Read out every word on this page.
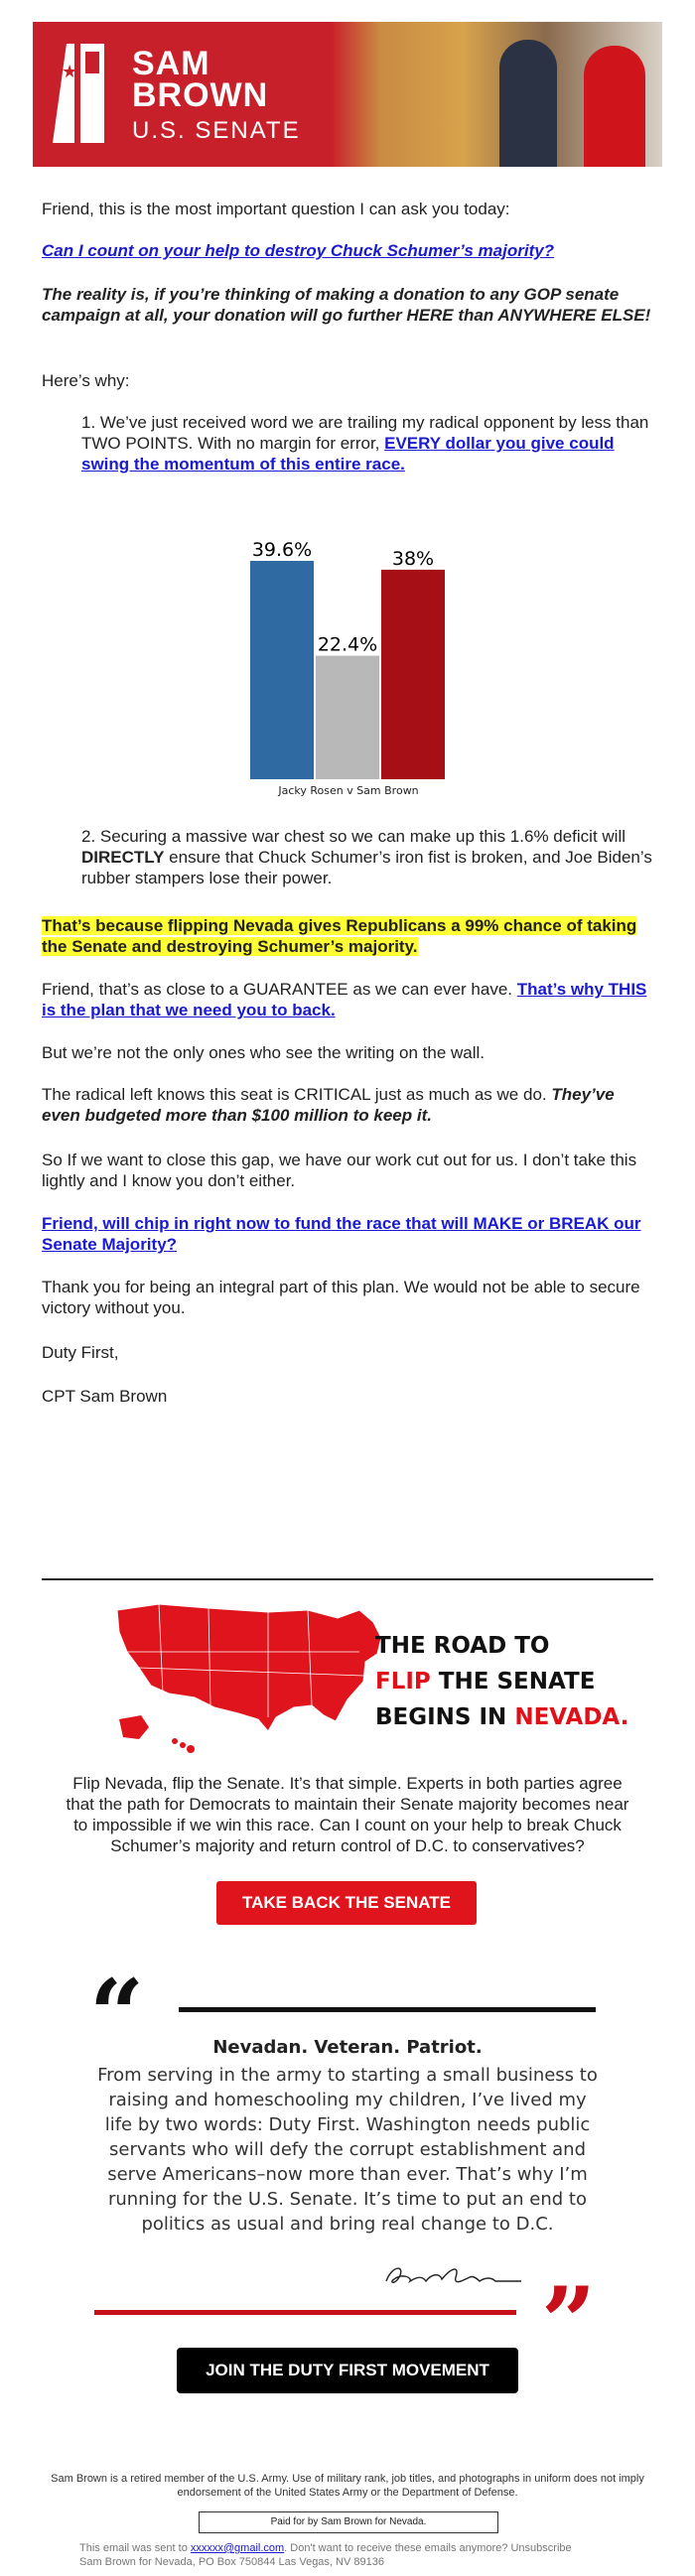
★ SAM
BROWN
U.S. SENATE

Friend, this is the most important question I can ask you today:

Can I count on your help to destroy Chuck Schumer’s majority?

The reality is, if you’re thinking of making a donation to any GOP senate campaign at all, your donation will go further HERE than ANYWHERE ELSE!

Here’s why:

1. We’ve just received word we are trailing my radical opponent by less than TWO POINTS. With no margin for error, EVERY dollar you give could swing the momentum of this entire race.

39.6%
22.4%
38%
Jacky Rosen v Sam Brown

2. Securing a massive war chest so we can make up this 1.6% deficit will DIRECTLY ensure that Chuck Schumer’s iron fist is broken, and Joe Biden’s rubber stampers lose their power.

That’s because flipping Nevada gives Republicans a 99% chance of taking the Senate and destroying Schumer’s majority.

Friend, that’s as close to a GUARANTEE as we can ever have. That’s why THIS is the plan that we need you to back.

But we’re not the only ones who see the writing on the wall.

The radical left knows this seat is CRITICAL just as much as we do. They’ve even budgeted more than $100 million to keep it.

So If we want to close this gap, we have our work cut out for us. I don’t take this lightly and I know you don’t either.

Friend, will chip in right now to fund the race that will MAKE or BREAK our Senate Majority?

Thank you for being an integral part of this plan. We would not be able to secure victory without you.

Duty First,

CPT Sam Brown

THE ROAD TO
FLIP THE SENATE
BEGINS IN NEVADA.

Flip Nevada, flip the Senate. It’s that simple. Experts in both parties agree that the path for Democrats to maintain their Senate majority becomes near to impossible if we win this race. Can I count on your help to break Chuck Schumer’s majority and return control of D.C. to conservatives?

TAKE BACK THE SENATE
“	Nevadan. Veteran. Patriot.

From serving in the army to starting a small business to raising and homeschooling my children, I’ve lived my life by two words: Duty First. Washington needs public servants who will defy the corrupt establishment and serve Americans–now more than ever. That’s why I’m running for the U.S. Senate. It’s time to put an end to politics as usual and bring real change to D.C.

”
JOIN THE DUTY FIRST MOVEMENT

Sam Brown is a retired member of the U.S. Army. Use of military rank, job titles, and photographs in uniform does not imply endorsement of the United States Army or the Department of Defense.

Paid for by Sam Brown for Nevada.

This email was sent to xxxxxx@gmail.com. Don't want to receive these emails anymore? Unsubscribe

Sam Brown for Nevada, PO Box 750844 Las Vegas, NV 89136
